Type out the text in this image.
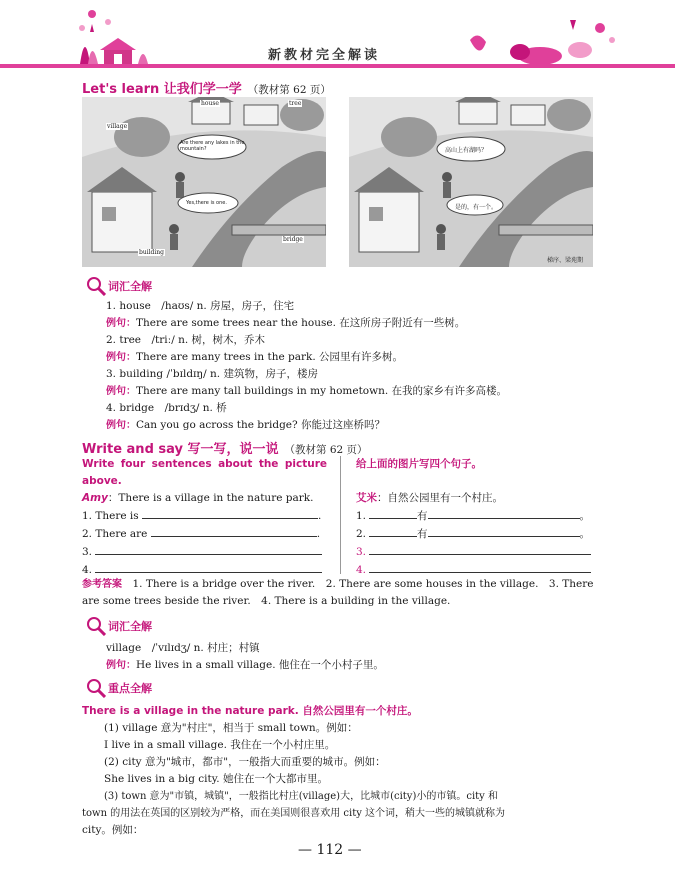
新教材完全解读
Let's learn 让我们学一学 （教材第 62 页）
Are there any lakes in the mountain?
Yes,there is one.
house	tree
village
building
bridge
高山上有湖吗？
是的，有一个。
梯序、梁苑期
词汇全解
1. house　/haʊs/ n. 房屋，房子，住宅
例句：There are some trees near the house. 在这所房子附近有一些树。
2. tree　/triː/ n. 树，树木，乔木
例句：There are many trees in the park. 公园里有许多树。
3. building /ˈbɪldɪŋ/ n. 建筑物，房子，楼房
例句：There are many tall buildings in my hometown. 在我的家乡有许多高楼。
4. bridge　/brɪdʒ/ n. 桥
例句：Can you go across the bridge? 你能过这座桥吗？
Write and say 写一写，说一说 （教材第 62 页）
Write four sentences about the picture
above.
Amy：There is a village in the nature park.
1. There is	.
2. There are	.
3.
4.
给上面的图片写四个句子。
艾米：自然公园里有一个村庄。
1.	有	。
2.	有	。
3.
4.
参考答案　 1. There is a bridge over the river.　2. There are some houses in the village.　3. There
are some trees beside the river.　4. There is a building in the village.
词汇全解
village　/ˈvɪlɪdʒ/ n. 村庄；村镇
例句：He lives in a small village. 他住在一个小村子里。
重点全解
There is a village in the nature park. 自然公园里有一个村庄。
(1) village 意为"村庄"，相当于 small town。例如：
I live in a small village. 我住在一个小村庄里。
(2) city 意为"城市，都市"，一般指大而重要的城市。例如：
She lives in a big city. 她住在一个大都市里。
(3) town 意为"市镇，城镇"，一般指比村庄(village)大，比城市(city)小的市镇。city 和
town 的用法在英国的区别较为严格，而在美国则很喜欢用 city 这个词，稍大一些的城镇就称为
city。例如：
— 112 —
